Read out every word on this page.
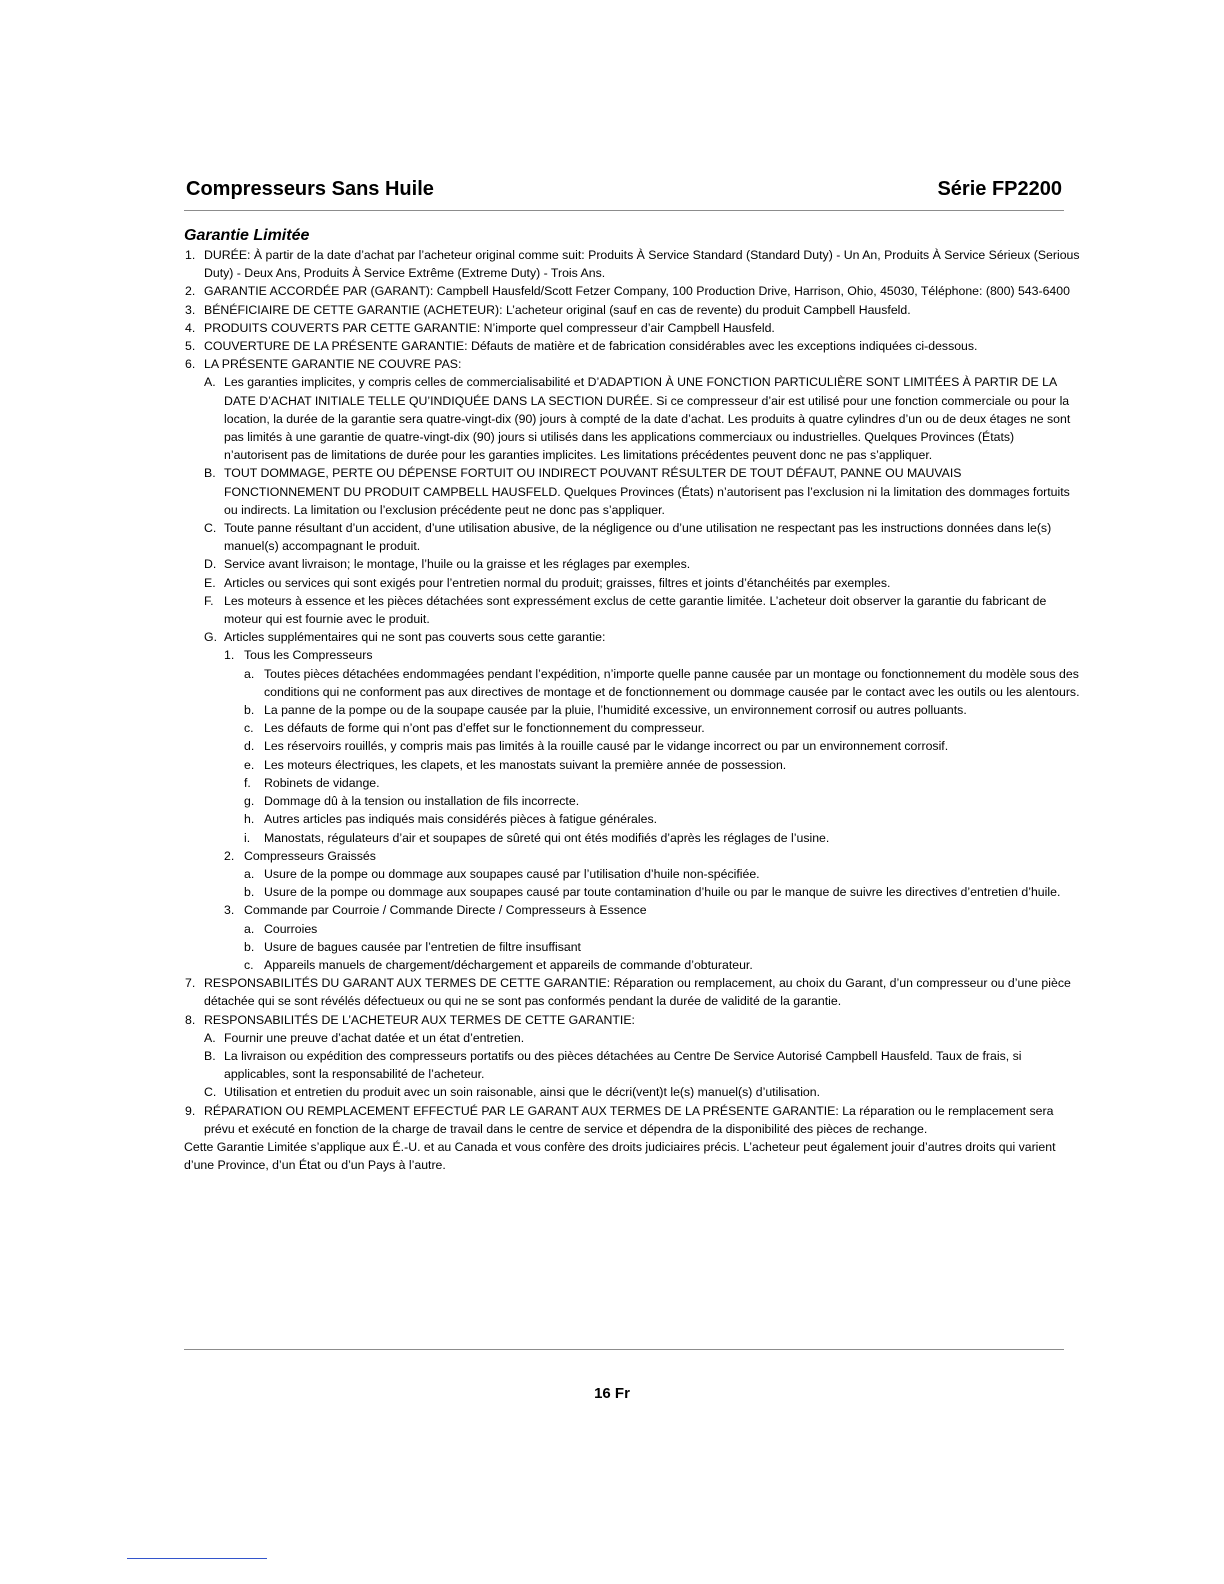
Compresseurs Sans Huile	Série FP2200
Garantie Limitée
1. DURÉE: À partir de la date d’achat par l’acheteur original comme suit: Produits À Service Standard (Standard Duty) - Un An, Produits À Service Sérieux (Serious Duty) - Deux Ans, Produits À Service Extrême (Extreme Duty) - Trois Ans.
2. GARANTIE ACCORDÉE PAR (GARANT): Campbell Hausfeld/Scott Fetzer Company, 100 Production Drive, Harrison, Ohio, 45030, Téléphone: (800) 543-6400
3. BÉNÉFICIAIRE DE CETTE GARANTIE (ACHETEUR): L’acheteur original (sauf en cas de revente) du produit Campbell Hausfeld.
4. PRODUITS COUVERTS PAR CETTE GARANTIE: N’importe quel compresseur d’air Campbell Hausfeld.
5. COUVERTURE DE LA PRÉSENTE GARANTIE: Défauts de matière et de fabrication considérables avec les exceptions indiquées ci-dessous.
6. LA PRÉSENTE GARANTIE NE COUVRE PAS:
A. Les garanties implicites, y compris celles de commercialisabilité et D’ADAPTION À UNE FONCTION PARTICULIÈRE SONT LIMITÉES À PARTIR DE LA DATE D’ACHAT INITIALE TELLE QU’INDIQUÉE DANS LA SECTION DURÉE. Si ce compresseur d’air est utilisé pour une fonction commerciale ou pour la location, la durée de la garantie sera quatre-vingt-dix (90) jours à compté de la date d’achat. Les produits à quatre cylindres d’un ou de deux étages ne sont pas limités à une garantie de quatre-vingt-dix (90) jours si utilisés dans les applications commerciaux ou industrielles. Quelques Provinces (États) n’autorisent pas de limitations de durée pour les garanties implicites. Les limitations précédentes peuvent donc ne pas s’appliquer.
B. TOUT DOMMAGE, PERTE OU DÉPENSE FORTUIT OU INDIRECT POUVANT RÉSULTER DE TOUT DÉFAUT, PANNE OU MAUVAIS FONCTIONNEMENT DU PRODUIT CAMPBELL HAUSFELD. Quelques Provinces (États) n’autorisent pas l’exclusion ni la limitation des dommages fortuits ou indirects. La limitation ou l’exclusion précédente peut ne donc pas s’appliquer.
C. Toute panne résultant d’un accident, d’une utilisation abusive, de la négligence ou d’une utilisation ne respectant pas les instructions données dans le(s) manuel(s) accompagnant le produit.
D. Service avant livraison; le montage, l’huile ou la graisse et les réglages par exemples.
E. Articles ou services qui sont exigés pour l’entretien normal du produit; graisses, filtres et joints d’étanchéités par exemples.
F. Les moteurs à essence et les pièces détachées sont expressément exclus de cette garantie limitée. L’acheteur doit observer la garantie du fabricant de moteur qui est fournie avec le produit.
G. Articles supplémentaires qui ne sont pas couverts sous cette garantie:
1. Tous les Compresseurs
a. Toutes pièces détachées endommagées pendant l’expédition, n’importe quelle panne causée par un montage ou fonctionnement du modèle sous des conditions qui ne conforment pas aux directives de montage et de fonctionnement ou dommage causée par le contact avec les outils ou les alentours.
b. La panne de la pompe ou de la soupape causée par la pluie, l’humidité excessive, un environnement corrosif ou autres polluants.
c. Les défauts de forme qui n’ont pas d’effet sur le fonctionnement du compresseur.
d. Les réservoirs rouillés, y compris mais pas limités à la rouille causé par le vidange incorrect ou par un environnement corrosif.
e. Les moteurs électriques, les clapets, et les manostats suivant la première année de possession.
f. Robinets de vidange.
g. Dommage dû à la tension ou installation de fils incorrecte.
h. Autres articles pas indiqués mais considérés pièces à fatigue générales.
i. Manostats, régulateurs d’air et soupapes de sûreté qui ont étés modifiés d’après les réglages de l’usine.
2. Compresseurs Graissés
a. Usure de la pompe ou dommage aux soupapes causé par l’utilisation d’huile non-spécifiée.
b. Usure de la pompe ou dommage aux soupapes causé par toute contamination d’huile ou par le manque de suivre les directives d’entretien d’huile.
3. Commande par Courroie / Commande Directe / Compresseurs à Essence
a. Courroies
b. Usure de bagues causée par l’entretien de filtre insuffisant
c. Appareils manuels de chargement/déchargement et appareils de commande d’obturateur.
7. RESPONSABILITÉS DU GARANT AUX TERMES DE CETTE GARANTIE: Réparation ou remplacement, au choix du Garant, d’un compresseur ou d’une pièce détachée qui se sont révélés défectueux ou qui ne se sont pas conformés pendant la durée de validité de la garantie.
8. RESPONSABILITÉS DE L’ACHETEUR AUX TERMES DE CETTE GARANTIE:
A. Fournir une preuve d’achat datée et un état d’entretien.
B. La livraison ou expédition des compresseurs portatifs ou des pièces détachées au Centre De Service Autorisé Campbell Hausfeld. Taux de frais, si applicables, sont la responsabilité de l’acheteur.
C. Utilisation et entretien du produit avec un soin raisonable, ainsi que le décri(vent)t le(s) manuel(s) d’utilisation.
9. RÉPARATION OU REMPLACEMENT EFFECTUÉ PAR LE GARANT AUX TERMES DE LA PRÉSENTE GARANTIE: La réparation ou le remplacement sera prévu et exécuté en fonction de la charge de travail dans le centre de service et dépendra de la disponibilité des pièces de rechange.
Cette Garantie Limitée s’applique aux É.-U. et au Canada et vous confère des droits judiciaires précis. L’acheteur peut également jouir d’autres droits qui varient d’une Province, d’un État ou d’un Pays à l’autre.
16 Fr
